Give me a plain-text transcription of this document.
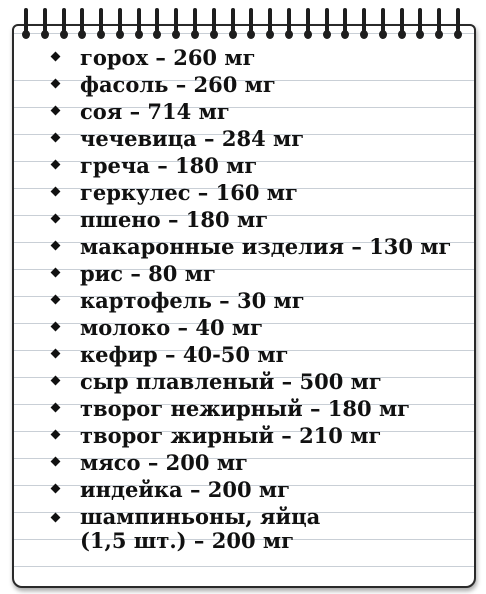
горох – 260 мг
фасоль – 260 мг
соя – 714 мг
чечевица – 284 мг
греча – 180 мг
геркулес – 160 мг
пшено – 180 мг
макаронные изделия – 130 мг
рис – 80 мг
картофель – 30 мг
молоко – 40 мг
кефир – 40-50 мг
сыр плавленый – 500 мг
творог нежирный – 180 мг
творог жирный – 210 мг
мясо – 200 мг
индейка – 200 мг
шампиньоны, яйца
(1,5 шт.) – 200 мг
